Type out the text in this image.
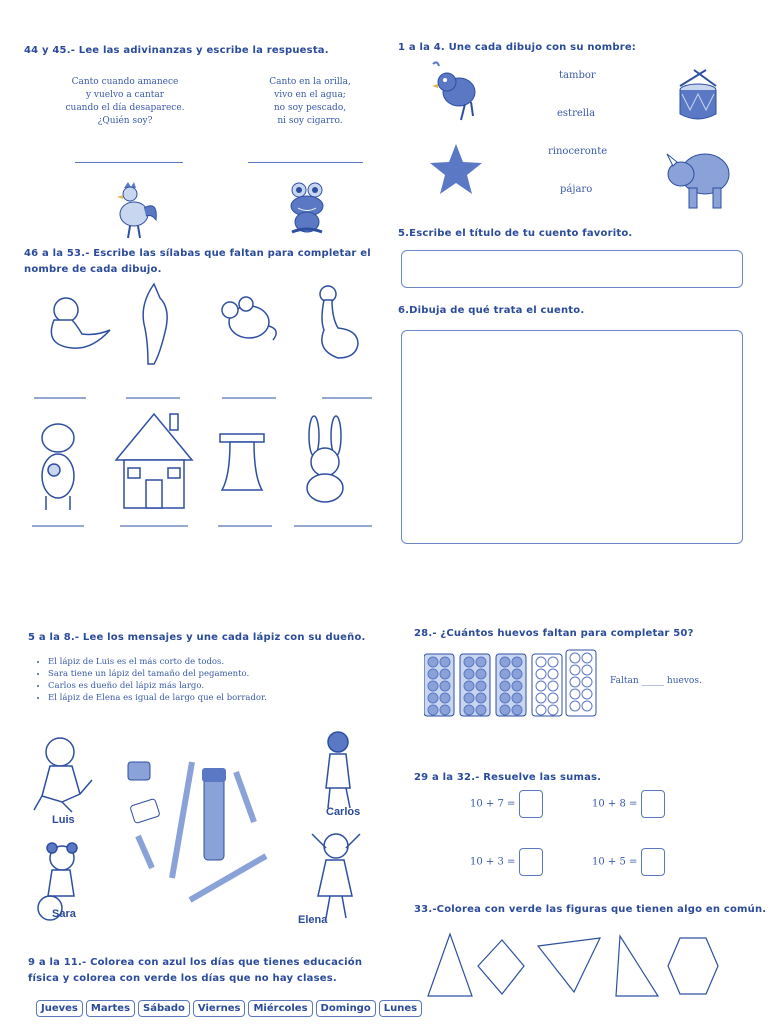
44 y 45.- Lee las adivinanzas y escribe la respuesta.
Canto cuando amanece
y vuelvo a cantar
cuando el día desaparece.
¿Quién soy?
Canto en la orilla,
vivo en el agua;
no soy pescado,
ni soy cigarro.
46 a la 53.- Escribe las sílabas que faltan para completar el nombre de cada dibujo.
1 a la 4. Une cada dibujo con su nombre:
tambor
estrella
rinoceronte
pájaro
5.Escribe el título de tu cuento favorito.
6.Dibuja de qué trata el cuento.
5 a la 8.- Lee los mensajes y une cada lápiz con su dueño.
• El lápiz de Luis es el más corto de todos.
• Sara tiene un lápiz del tamaño del pegamento.
• Carlos es dueño del lápiz más largo.
• El lápiz de Elena es igual de largo que el borrador.
Luis
Carlos
Sara	Elena
9 a la 11.- Colorea con azul los días que tienes educación física y colorea con verde los días que no hay clases.
Jueves	Martes	Sábado	Viernes	Miércoles	Domingo	Lunes
28.- ¿Cuántos huevos faltan para completar 50?
Faltan _____ huevos.
29 a la 32.- Resuelve las sumas.
10 + 7 =	10 + 8 =
10 + 3 =	10 + 5 =
33.-Colorea con verde las figuras que tienen algo en común.
